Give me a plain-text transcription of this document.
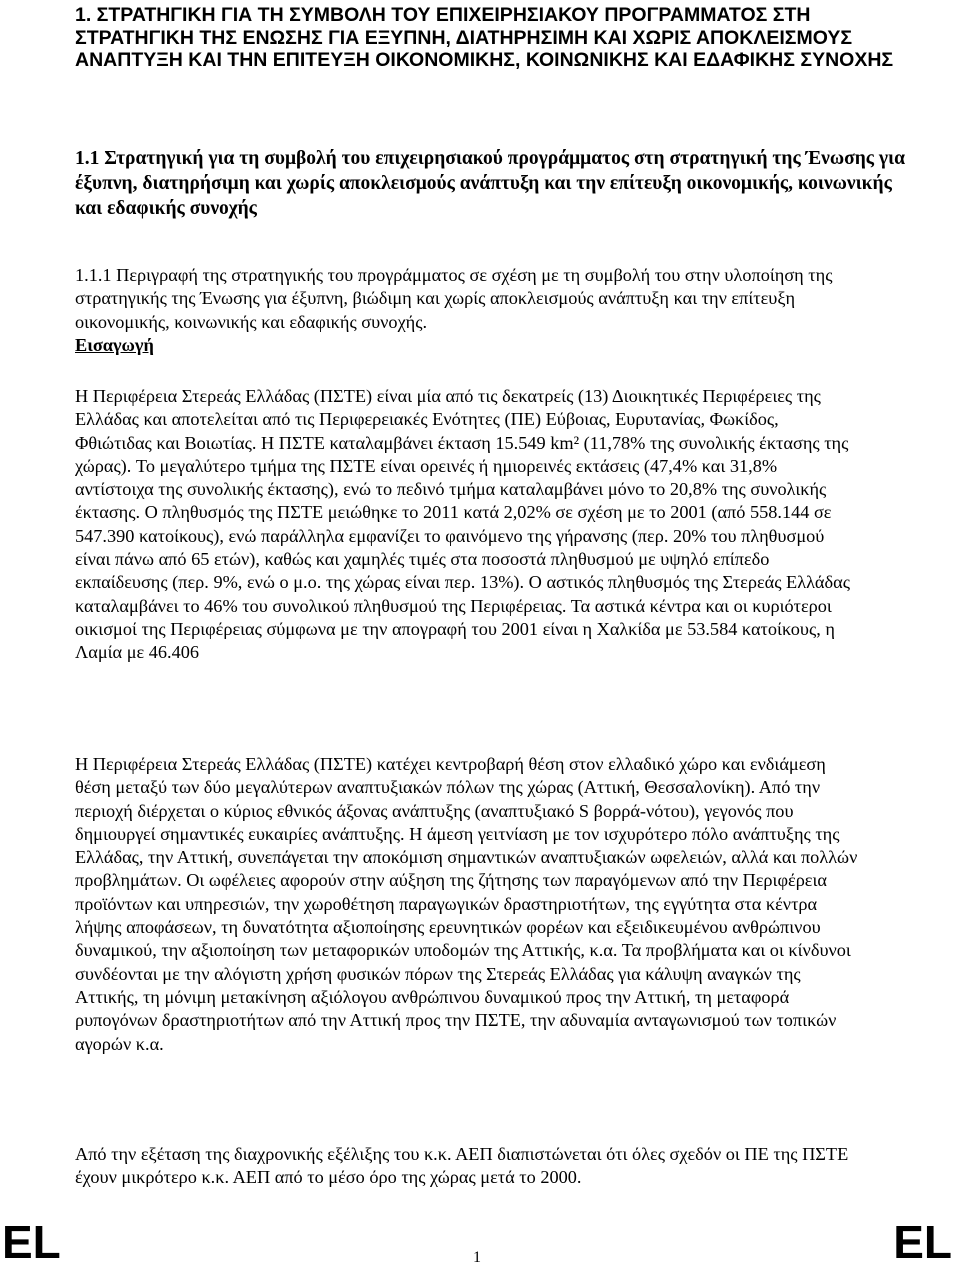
1. ΣΤΡΑΤΗΓΙΚΗ ΓΙΑ ΤΗ ΣΥΜΒΟΛΗ ΤΟΥ ΕΠΙΧΕΙΡΗΣΙΑΚΟΥ ΠΡΟΓΡΑΜΜΑΤΟΣ ΣΤΗ ΣΤΡΑΤΗΓΙΚΗ ΤΗΣ ΕΝΩΣΗΣ ΓΙΑ ΕΞΥΠΝΗ, ΔΙΑΤΗΡΗΣΙΜΗ ΚΑΙ ΧΩΡΙΣ ΑΠΟΚΛΕΙΣΜΟΥΣ ΑΝΑΠΤΥΞΗ ΚΑΙ ΤΗΝ ΕΠΙΤΕΥΞΗ ΟΙΚΟΝΟΜΙΚΗΣ, ΚΟΙΝΩΝΙΚΗΣ ΚΑΙ ΕΔΑΦΙΚΗΣ ΣΥΝΟΧΗΣ
1.1 Στρατηγική για τη συμβολή του επιχειρησιακού προγράμματος στη στρατηγική της Ένωσης για έξυπνη, διατηρήσιμη και χωρίς αποκλεισμούς ανάπτυξη και την επίτευξη οικονομικής, κοινωνικής και εδαφικής συνοχής
1.1.1 Περιγραφή της στρατηγικής του προγράμματος σε σχέση με τη συμβολή του στην υλοποίηση της στρατηγικής της Ένωσης για έξυπνη, βιώδιμη και χωρίς αποκλεισμούς ανάπτυξη και την επίτευξη οικονομικής, κοινωνικής και εδαφικής συνοχής.
Εισαγωγή

Η Περιφέρεια Στερεάς Ελλάδας (ΠΣΤΕ) είναι μία από τις δεκατρείς (13) Διοικητικές Περιφέρειες της Ελλάδας και αποτελείται από τις Περιφερειακές Ενότητες (ΠΕ) Εύβοιας, Ευρυτανίας, Φωκίδος, Φθιώτιδας και Βοιωτίας. Η ΠΣΤΕ καταλαμβάνει έκταση 15.549 km² (11,78% της συνολικής έκτασης της χώρας). Το μεγαλύτερο τμήμα της ΠΣΤΕ είναι ορεινές ή ημιορεινές εκτάσεις (47,4% και 31,8% αντίστοιχα της συνολικής έκτασης), ενώ το πεδινό τμήμα καταλαμβάνει μόνο το 20,8% της συνολικής έκτασης. Ο πληθυσμός της ΠΣΤΕ μειώθηκε το 2011 κατά 2,02% σε σχέση με το 2001 (από 558.144 σε 547.390 κατοίκους), ενώ παράλληλα εμφανίζει το φαινόμενο της γήρανσης (περ. 20% του πληθυσμού είναι πάνω από 65 ετών), καθώς και χαμηλές τιμές στα ποσοστά πληθυσμού με υψηλό επίπεδο εκπαίδευσης (περ. 9%, ενώ ο μ.ο. της χώρας είναι περ. 13%). Ο αστικός πληθυσμός της Στερεάς Ελλάδας καταλαμβάνει το 46% του συνολικού πληθυσμού της Περιφέρειας. Τα αστικά κέντρα και οι κυριότεροι οικισμοί της Περιφέρειας σύμφωνα με την απογραφή του 2001 είναι η Χαλκίδα με 53.584 κατοίκους, η Λαμία με 46.406

Η Περιφέρεια Στερεάς Ελλάδας (ΠΣΤΕ) κατέχει κεντροβαρή θέση στον ελλαδικό χώρο και ενδιάμεση θέση μεταξύ των δύο μεγαλύτερων αναπτυξιακών πόλων της χώρας (Αττική, Θεσσαλονίκη). Από την περιοχή διέρχεται ο κύριος εθνικός άξονας ανάπτυξης (αναπτυξιακό S βορρά-νότου), γεγονός που δημιουργεί σημαντικές ευκαιρίες ανάπτυξης. Η άμεση γειτνίαση με τον ισχυρότερο πόλο ανάπτυξης της Ελλάδας, την Αττική, συνεπάγεται την αποκόμιση σημαντικών αναπτυξιακών ωφελειών, αλλά και πολλών προβλημάτων. Οι ωφέλειες αφορούν στην αύξηση της ζήτησης των παραγόμενων από την Περιφέρεια προϊόντων και υπηρεσιών, την χωροθέτηση παραγωγικών δραστηριοτήτων, της εγγύτητα στα κέντρα λήψης αποφάσεων, τη δυνατότητα αξιοποίησης ερευνητικών φορέων και εξειδικευμένου ανθρώπινου δυναμικού, την αξιοποίηση των μεταφορικών υποδομών της Αττικής, κ.α. Τα προβλήματα και οι κίνδυνοι συνδέονται με την αλόγιστη χρήση φυσικών πόρων της Στερεάς Ελλάδας για κάλυψη αναγκών της Αττικής, τη μόνιμη μετακίνηση αξιόλογου ανθρώπινου δυναμικού προς την Αττική, τη μεταφορά ρυπογόνων δραστηριοτήτων από την Αττική προς την ΠΣΤΕ, την αδυναμία ανταγωνισμού των τοπικών αγορών κ.α.

Από την εξέταση της διαχρονικής εξέλιξης του κ.κ. ΑΕΠ διαπιστώνεται ότι όλες σχεδόν οι ΠΕ της ΠΣΤΕ έχουν μικρότερο κ.κ. ΑΕΠ από το μέσο όρο της χώρας μετά το 2000.

EL	1	EL
